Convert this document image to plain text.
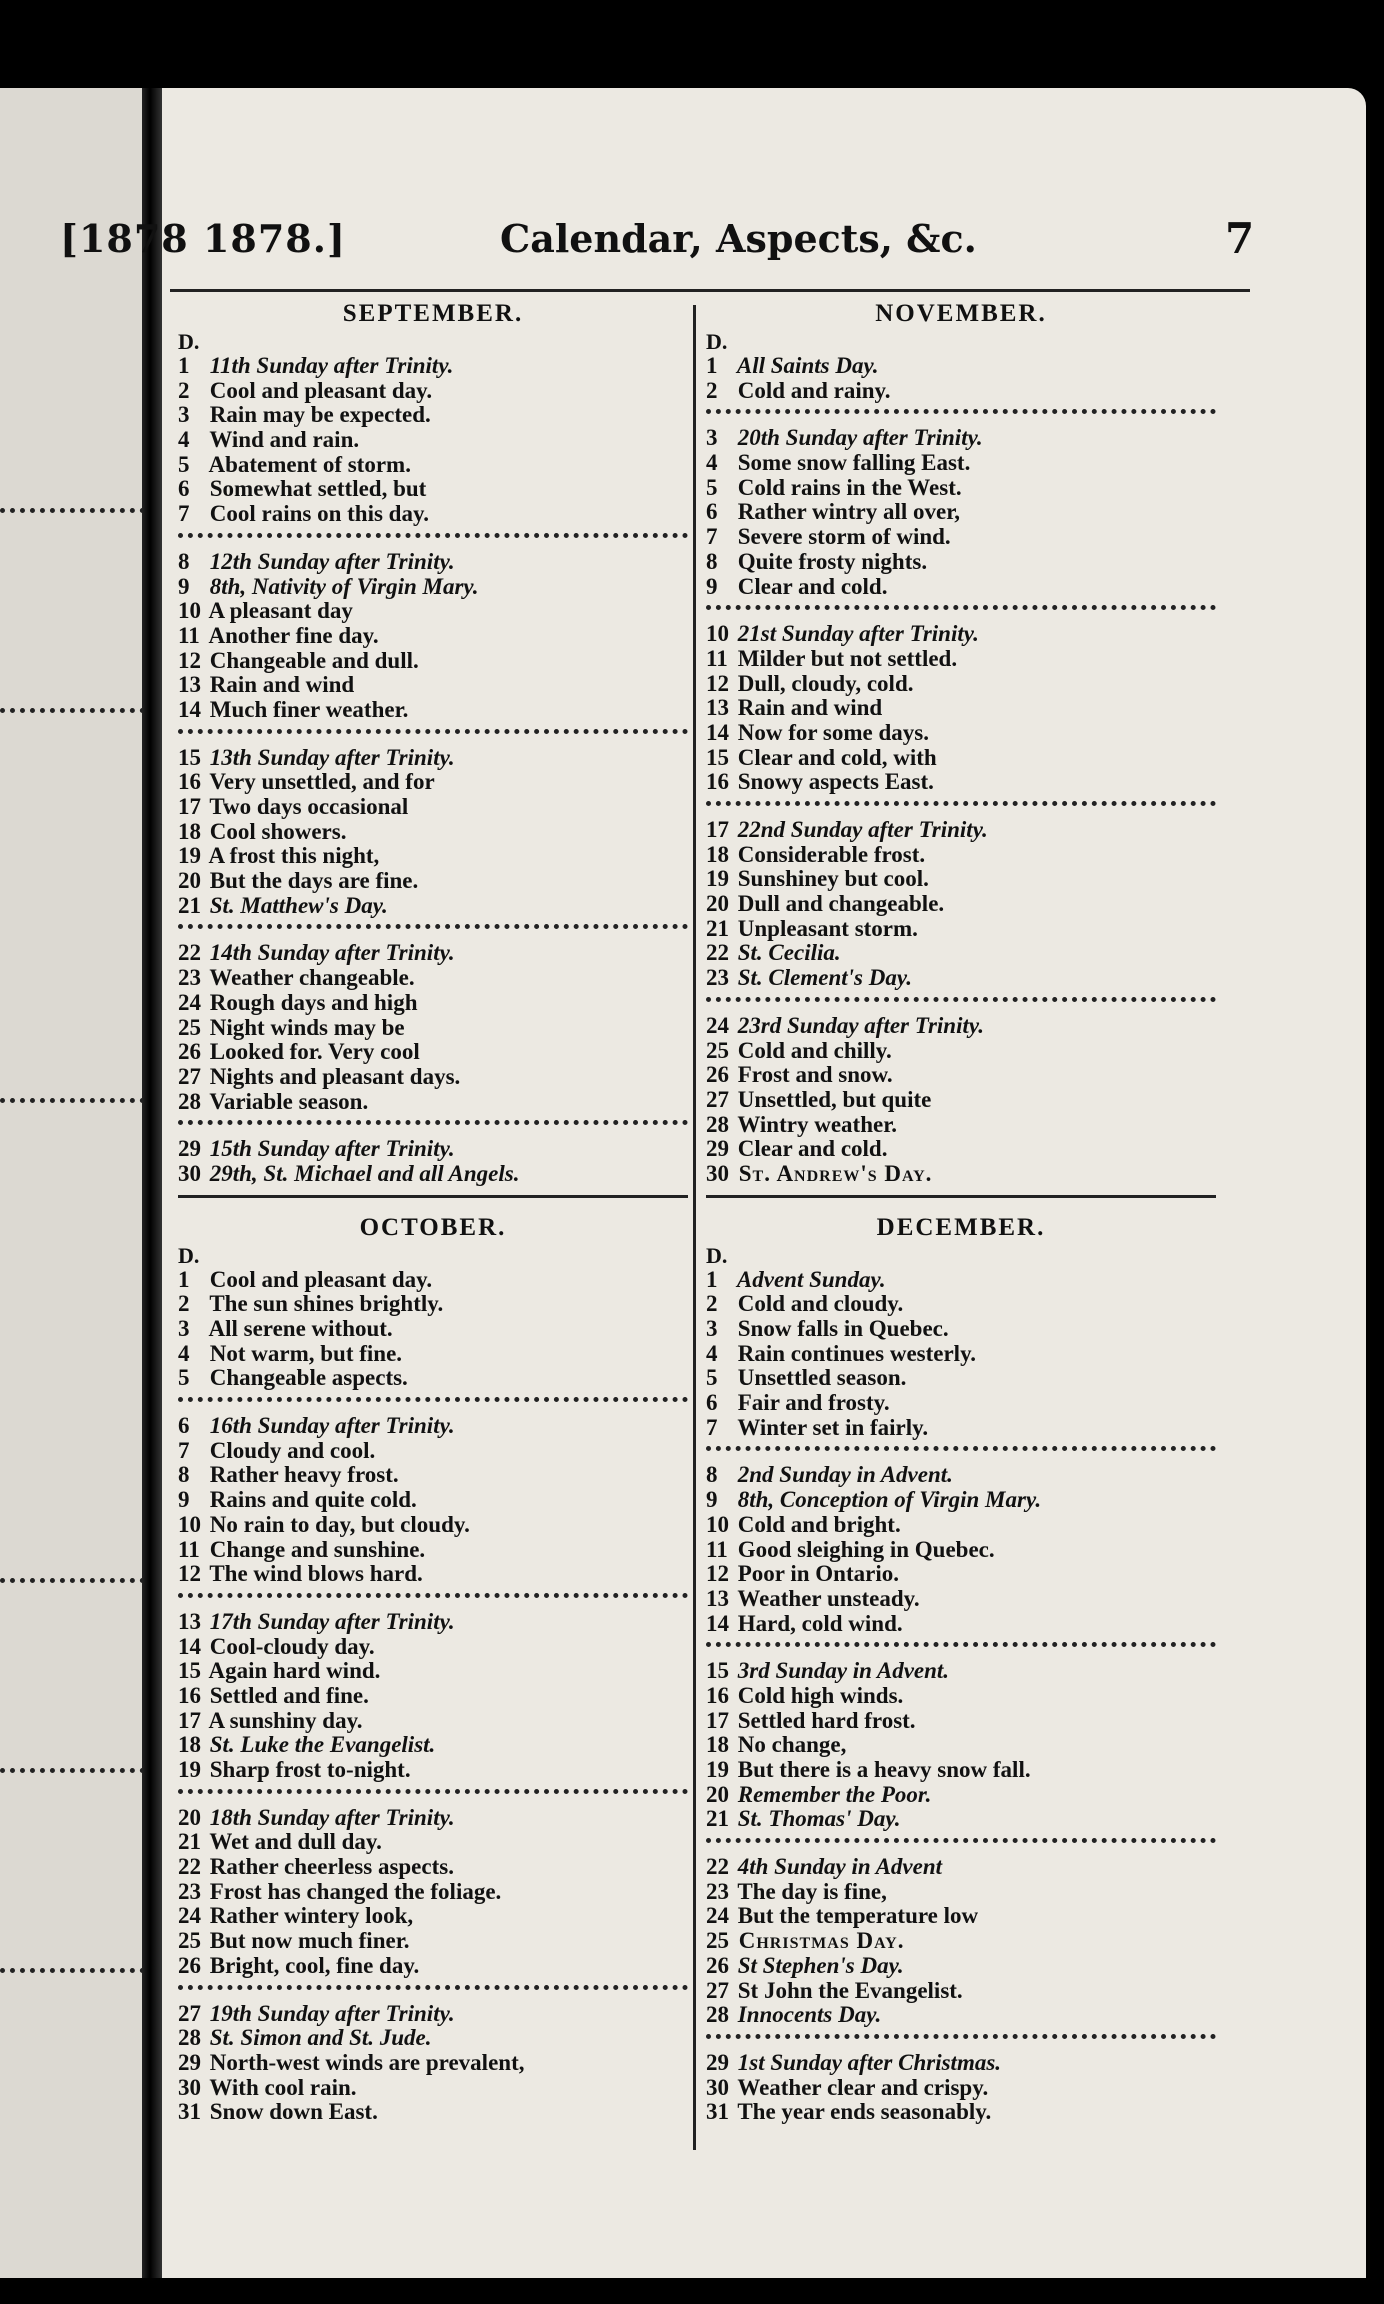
[1878 1878.]	Calendar, Aspects, &c.	7
SEPTEMBER.
D.
1 11th Sunday after Trinity.
2 Cool and pleasant day.
3 Rain may be expected.
4 Wind and rain.
5 Abatement of storm.
6 Somewhat settled, but
7 Cool rains on this day.
8 12th Sunday after Trinity.
9 8th, Nativity of Virgin Mary.
10 A pleasant day
11 Another fine day.
12 Changeable and dull.
13 Rain and wind
14 Much finer weather.
15 13th Sunday after Trinity.
16 Very unsettled, and for
17 Two days occasional
18 Cool showers.
19 A frost this night,
20 But the days are fine.
21 St. Matthew's Day.
22 14th Sunday after Trinity.
23 Weather changeable.
24 Rough days and high
25 Night winds may be
26 Looked for. Very cool
27 Nights and pleasant days.
28 Variable season.
29 15th Sunday after Trinity.
30 29th, St. Michael and all Angels.
OCTOBER.
D.
1 Cool and pleasant day.
2 The sun shines brightly.
3 All serene without.
4 Not warm, but fine.
5 Changeable aspects.
6 16th Sunday after Trinity.
7 Cloudy and cool.
8 Rather heavy frost.
9 Rains and quite cold.
10 No rain to day, but cloudy.
11 Change and sunshine.
12 The wind blows hard.
13 17th Sunday after Trinity.
14 Cool-cloudy day.
15 Again hard wind.
16 Settled and fine.
17 A sunshiny day.
18 St. Luke the Evangelist.
19 Sharp frost to-night.
20 18th Sunday after Trinity.
21 Wet and dull day.
22 Rather cheerless aspects.
23 Frost has changed the foliage.
24 Rather wintery look,
25 But now much finer.
26 Bright, cool, fine day.
27 19th Sunday after Trinity.
28 St. Simon and St. Jude.
29 North-west winds are prevalent,
30 With cool rain.
31 Snow down East.
NOVEMBER.
D.
1 All Saints Day.
2 Cold and rainy.
3 20th Sunday after Trinity.
4 Some snow falling East.
5 Cold rains in the West.
6 Rather wintry all over,
7 Severe storm of wind.
8 Quite frosty nights.
9 Clear and cold.
10 21st Sunday after Trinity.
11 Milder but not settled.
12 Dull, cloudy, cold.
13 Rain and wind
14 Now for some days.
15 Clear and cold, with
16 Snowy aspects East.
17 22nd Sunday after Trinity.
18 Considerable frost.
19 Sunshiney but cool.
20 Dull and changeable.
21 Unpleasant storm.
22 St. Cecilia.
23 St. Clement's Day.
24 23rd Sunday after Trinity.
25 Cold and chilly.
26 Frost and snow.
27 Unsettled, but quite
28 Wintry weather.
29 Clear and cold.
30 St. Andrew's Day.
DECEMBER.
D.
1 Advent Sunday.
2 Cold and cloudy.
3 Snow falls in Quebec.
4 Rain continues westerly.
5 Unsettled season.
6 Fair and frosty.
7 Winter set in fairly.
8 2nd Sunday in Advent.
9 8th, Conception of Virgin Mary.
10 Cold and bright.
11 Good sleighing in Quebec.
12 Poor in Ontario.
13 Weather unsteady.
14 Hard, cold wind.
15 3rd Sunday in Advent.
16 Cold high winds.
17 Settled hard frost.
18 No change,
19 But there is a heavy snow fall.
20 Remember the Poor.
21 St. Thomas' Day.
22 4th Sunday in Advent
23 The day is fine,
24 But the temperature low
25 Christmas Day.
26 St Stephen's Day.
27 St John the Evangelist.
28 Innocents Day.
29 1st Sunday after Christmas.
30 Weather clear and crispy.
31 The year ends seasonably.
